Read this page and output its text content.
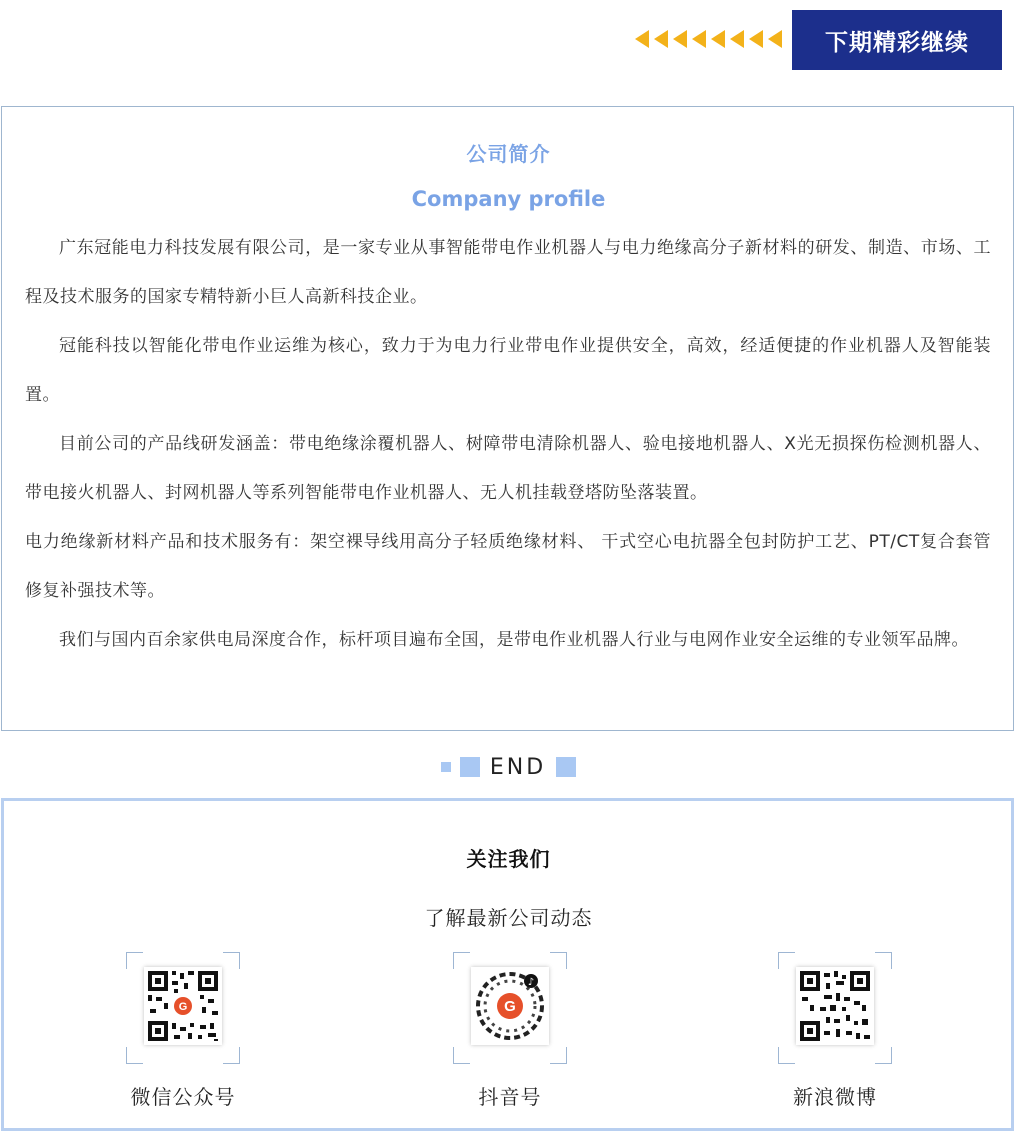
下期精彩继续
公司简介
Company profile

广东冠能电力科技发展有限公司，是一家专业从事智能带电作业机器人与电力绝缘高分子新材料的研发、制造、市场、工程及技术服务的国家专精特新小巨人高新科技企业。

冠能科技以智能化带电作业运维为核心，致力于为电力行业带电作业提供安全，高效，经适便捷的作业机器人及智能装置。

目前公司的产品线研发涵盖：带电绝缘涂覆机器人、树障带电清除机器人、验电接地机器人、X光无损探伤检测机器人、带电接火机器人、封网机器人等系列智能带电作业机器人、无人机挂载登塔防坠落装置。

电力绝缘新材料产品和技术服务有：架空裸导线用高分子轻质绝缘材料、 干式空心电抗器全包封防护工艺、PT/CT复合套管修复补强技术等。

我们与国内百余家供电局深度合作，标杆项目遍布全国，是带电作业机器人行业与电网作业安全运维的专业领军品牌。

END
关注我们
了解最新公司动态
G	G
♪
微信公众号	抖音号	新浪微博
